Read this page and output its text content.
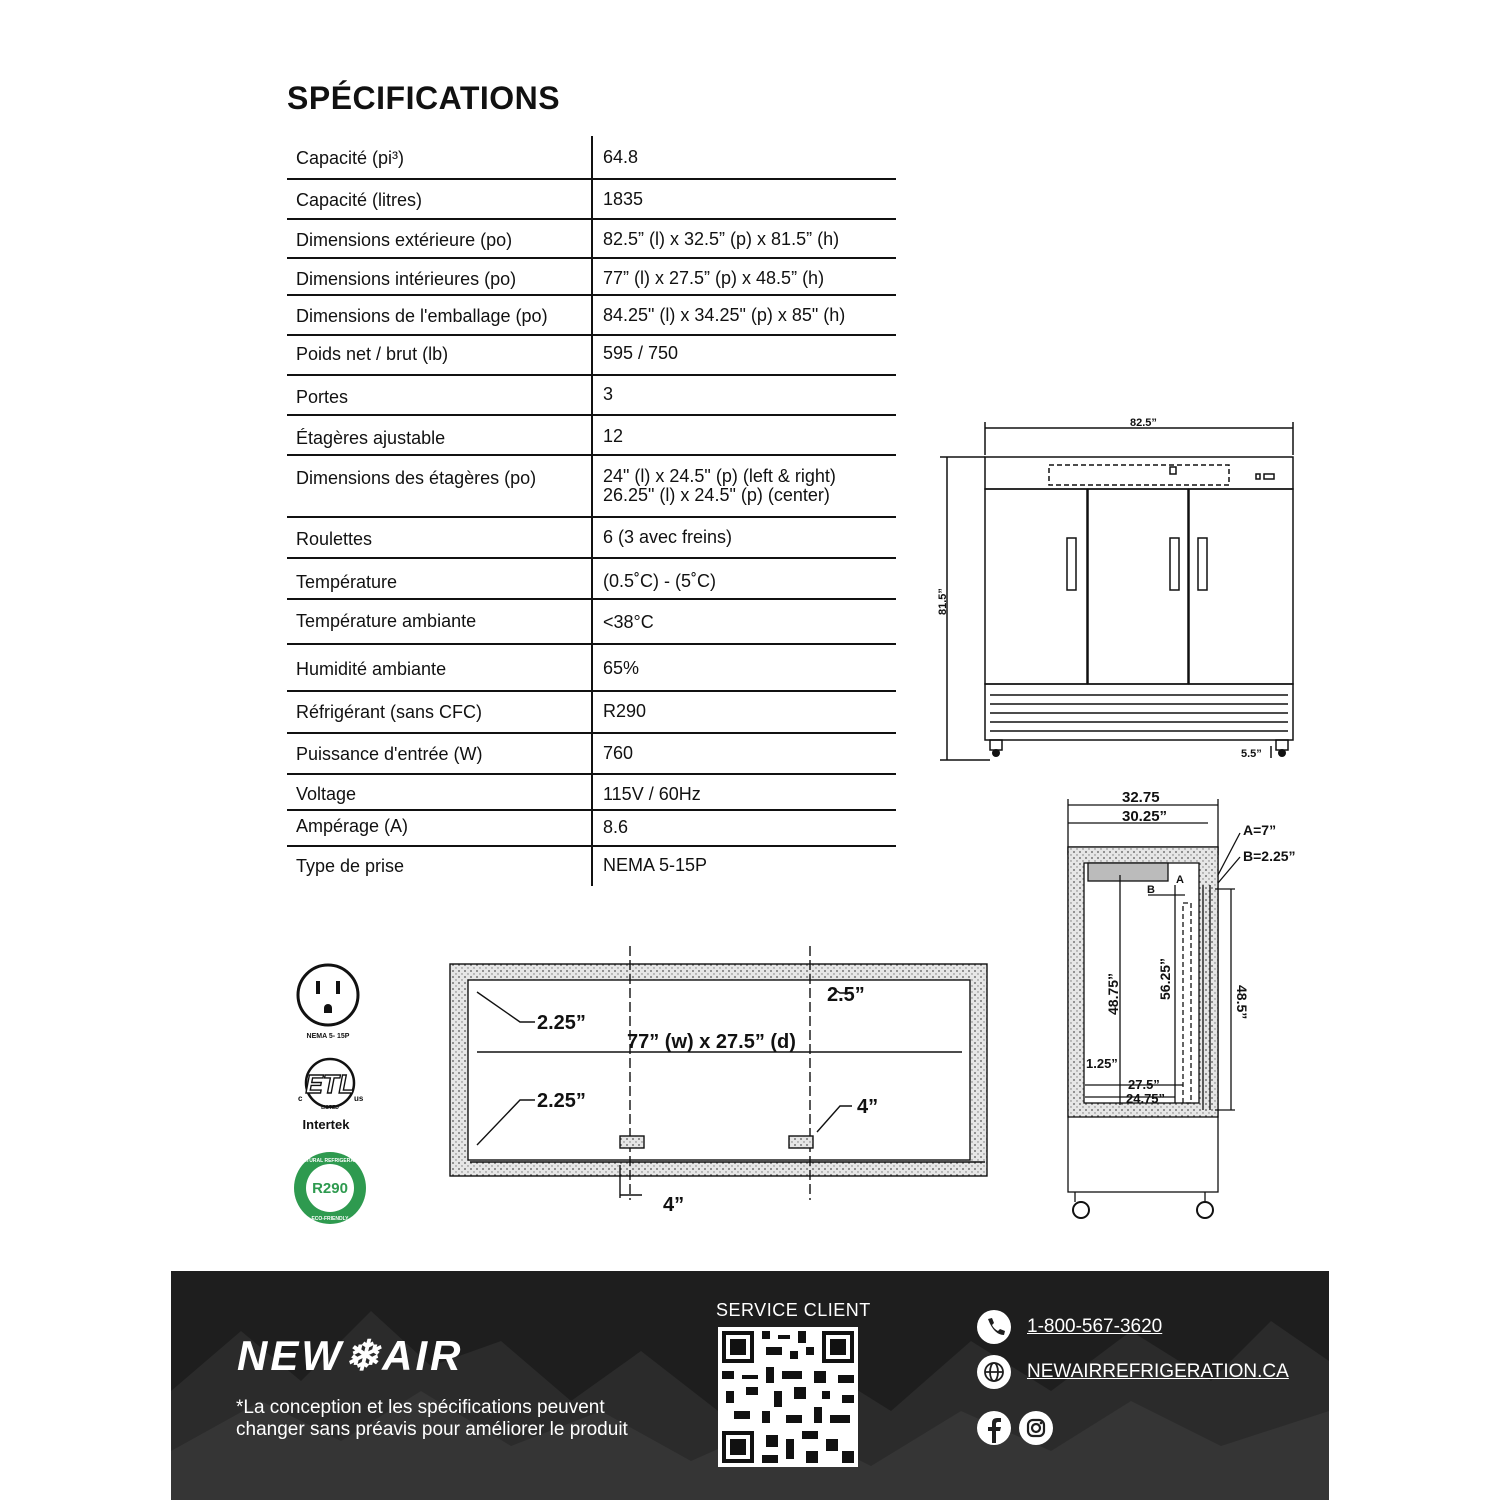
SPÉCIFICATIONS
Capacité (pi³)	64.8
Capacité (litres)	1835
Dimensions extérieure (po)	82.5” (l) x 32.5” (p) x 81.5” (h)
Dimensions intérieures (po)	77” (l) x 27.5” (p) x 48.5” (h)
Dimensions de l'emballage (po)	84.25" (l) x 34.25" (p) x 85" (h)
Poids net / brut (lb)	595 / 750
Portes	3
Étagères ajustable	12
Dimensions des étagères (po)	24" (l) x 24.5" (p) (left & right)
26.25" (l) x 24.5" (p) (center)
Roulettes	6 (3 avec freins)
Température	(0.5˚C) - (5˚C)
Température ambiante	<38°C
Humidité ambiante	65%
Réfrigérant (sans CFC)	R290
Puissance d'entrée (W)	760
Voltage	115V / 60Hz
Ampérage (A)	8.6
Type de prise	NEMA 5-15P
82.5”
81.5”
5.5”
32.75
30.25”
A=7”
B=2.25”
A
B
48.75”	56.25”
48.5”
1.25”
27.5”
24.75”
2.25”
2.25”
2.5”
77” (w) x 27.5” (d)
4”
4”
NEMA 5- 15P
ETL
c	us
LISTED
Intertek
R290
NATURAL REFRIGERANT
ECO-FRIENDLY
NEW❄AIR
*La conception et les spécifications peuvent changer sans préavis pour améliorer le produit
SERVICE CLIENT
1-800-567-3620
NEWAIRREFRIGERATION.CA
